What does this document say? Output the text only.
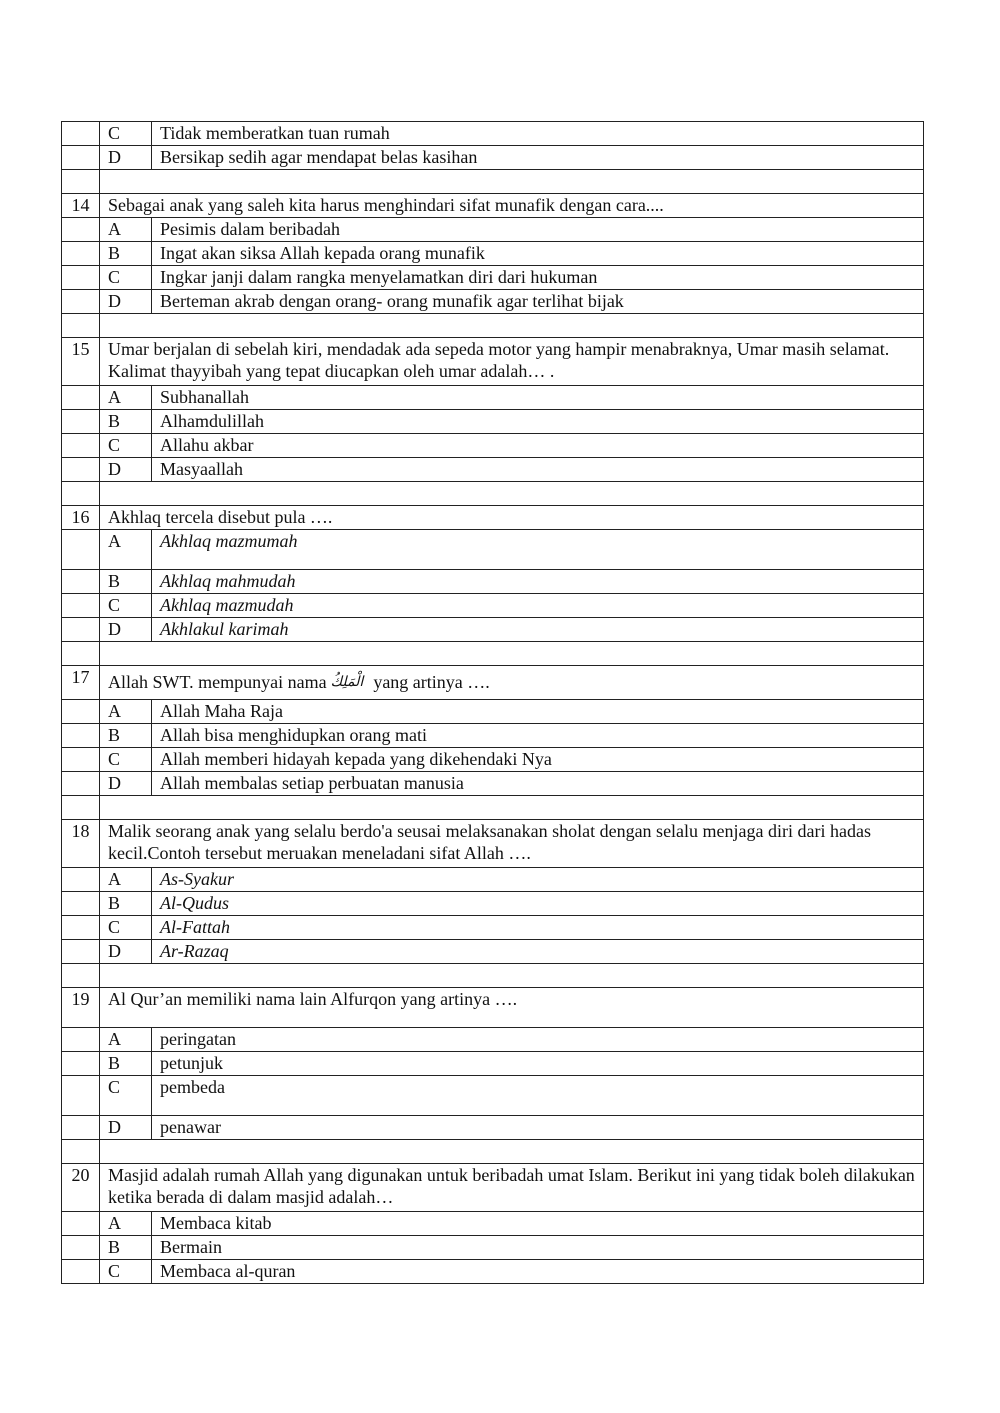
	C	Tidak memberatkan tuan rumah
	D	Bersikap sedih agar mendapat belas kasihan

14	Sebagai anak yang saleh kita harus menghindari sifat munafik dengan cara....	
	A	Pesimis dalam beribadah
	B	Ingat akan siksa Allah kepada orang munafik
	C	Ingkar janji dalam rangka menyelamatkan diri dari hukuman
	D	Berteman akrab dengan orang- orang munafik agar terlihat bijak

15	Umar berjalan di sebelah kiri, mendadak ada sepeda motor yang hampir menabraknya, Umar masih selamat. Kalimat thayyibah yang tepat diucapkan oleh umar adalah… .	
	A	Subhanallah
	B	Alhamdulillah
	C	Allahu akbar
	D	Masyaallah

16	Akhlaq tercela disebut pula ….	
	A	Akhlaq mazmumah
	B	Akhlaq mahmudah
	C	Akhlaq mazmudah
	D	Akhlakul karimah

17	Allah SWT. mempunyai nama الْمَلِكُ yang artinya ….	
	A	Allah Maha Raja
	B	Allah bisa menghidupkan orang mati
	C	Allah memberi hidayah kepada yang dikehendaki Nya
	D	Allah membalas setiap perbuatan manusia

18	Malik seorang anak yang selalu berdo'a seusai melaksanakan sholat dengan selalu menjaga diri dari hadas kecil.Contoh tersebut meruakan meneladani sifat Allah ….	
	A	As-Syakur
	B	Al-Qudus
	C	Al-Fattah
	D	Ar-Razaq

19	Al Qur’an memiliki nama lain Alfurqon yang artinya ….	
	A	peringatan
	B	petunjuk
	C	pembeda
	D	penawar

20	Masjid adalah rumah Allah yang digunakan untuk beribadah umat Islam. Berikut ini yang tidak boleh dilakukan ketika berada di dalam masjid adalah…	
	A	Membaca kitab
	B	Bermain
	C	Membaca al-quran
